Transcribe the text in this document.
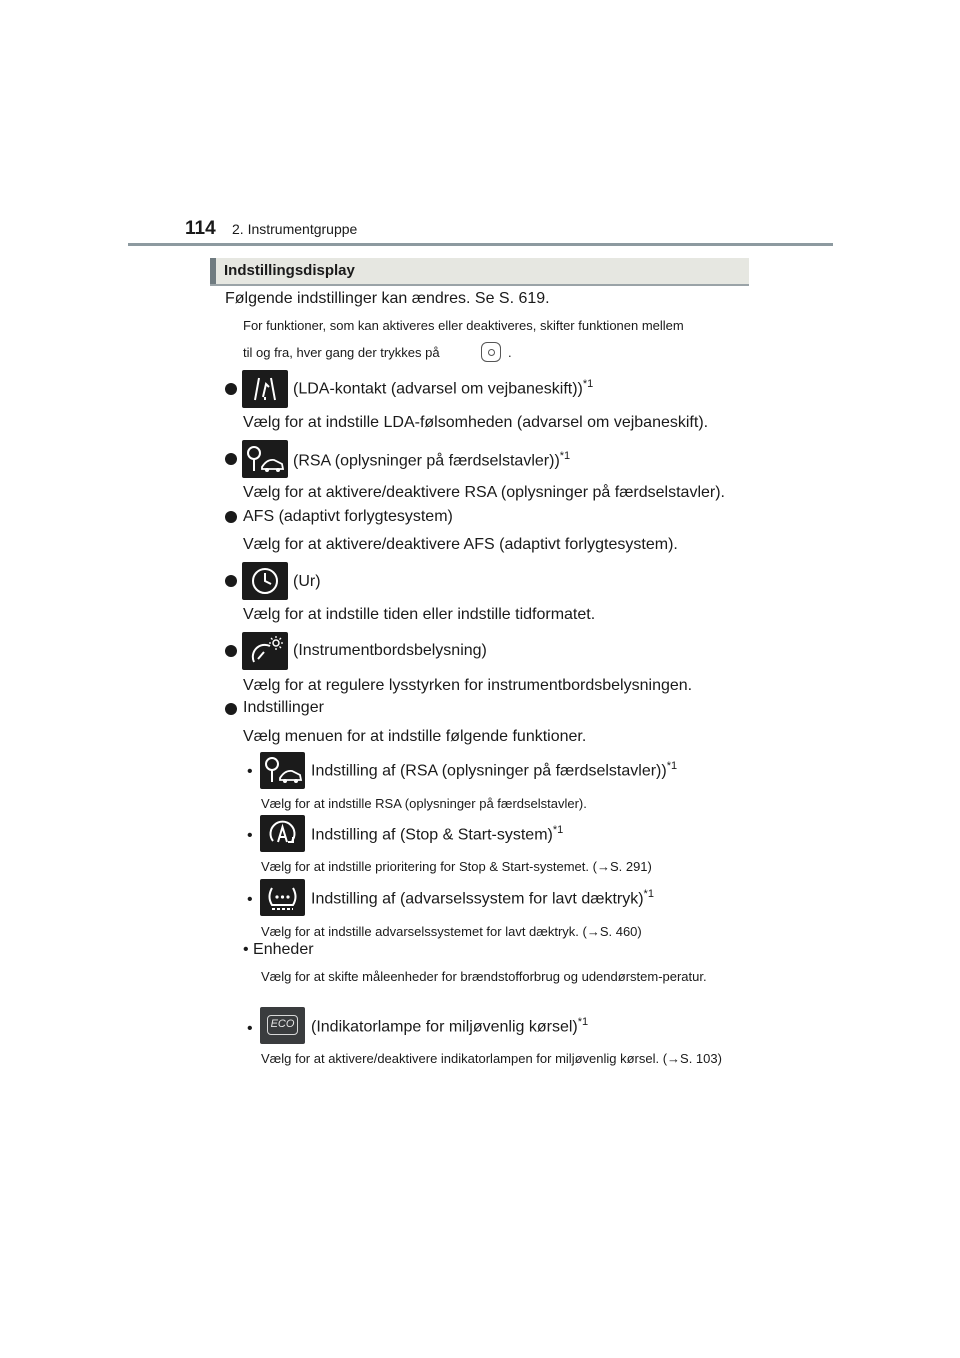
114 2. Instrumentgruppe
Indstillingsdisplay
Følgende indstillinger kan ændres. Se S. 619.
For funktioner, som kan aktiveres eller deaktiveres, skifter funktionen mellem
til og fra, hver gang der trykkes på	.
(LDA-kontakt (advarsel om vejbaneskift))$^{*1}$
Vælg for at indstille LDA-følsomheden (advarsel om vejbaneskift).
(RSA (oplysninger på færdselstavler))$^{*1}$
Vælg for at aktivere/deaktivere RSA (oplysninger på færdselstavler).
AFS (adaptivt forlygtesystem)
Vælg for at aktivere/deaktivere AFS (adaptivt forlygtesystem).
(Ur)
Vælg for at indstille tiden eller indstille tidformatet.
(Instrumentbordsbelysning)
Vælg for at regulere lysstyrken for instrumentbordsbelysningen.
Indstillinger
Vælg menuen for at indstille følgende funktioner.
•	Indstilling af (RSA (oplysninger på færdselstavler))$^{*1}$
Vælg for at indstille RSA (oplysninger på færdselstavler).
•	Indstilling af (Stop & Start-system)$^{*1}$
Vælg for at indstille prioritering for Stop & Start-systemet. (→S. 291)
•	Indstilling af (advarselssystem for lavt dæktryk)$^{*1}$
Vælg for at indstille advarselssystemet for lavt dæktryk. (→S. 460)
• Enheder
Vælg for at skifte måleenheder for brændstofforbrug og udendørstem-peratur.
•	ECO (Indikatorlampe for miljøvenlig kørsel)$^{*1}$
Vælg for at aktivere/deaktivere indikatorlampen for miljøvenlig kørsel. (→S. 103)
